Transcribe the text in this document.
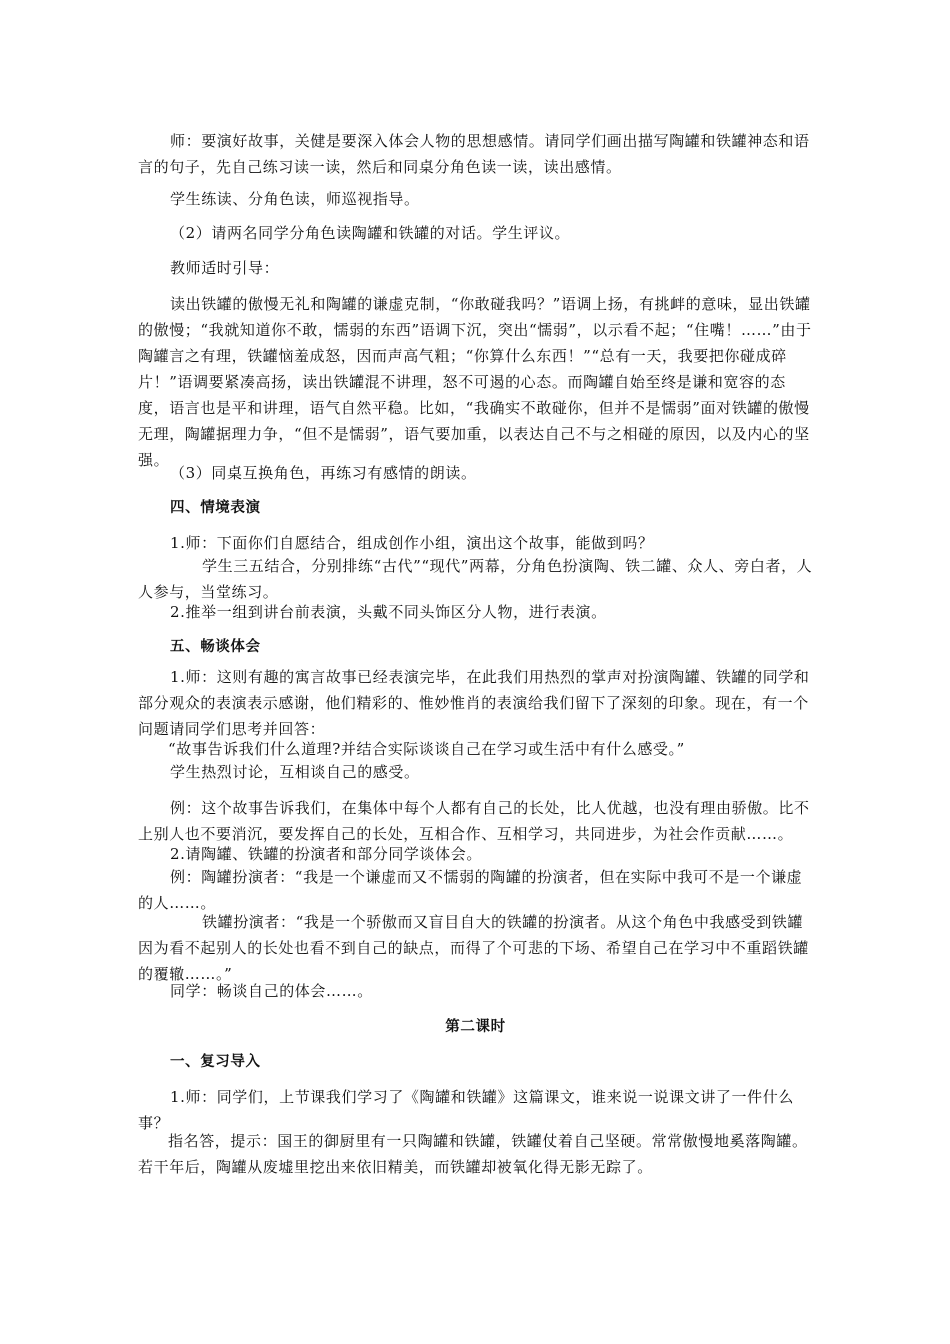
师：要演好故事，关健是要深入体会人物的思想感情。请同学们画出描写陶罐和铁罐神态和语言的句子，先自己练习读一读，然后和同桌分角色读一读，读出感情。

学生练读、分角色读，师巡视指导。

（2）请两名同学分角色读陶罐和铁罐的对话。学生评议。

教师适时引导：

读出铁罐的傲慢无礼和陶罐的谦虚克制，“你敢碰我吗？”语调上扬，有挑衅的意味，显出铁罐的傲慢；“我就知道你不敢，懦弱的东西”语调下沉，突出“懦弱”，以示看不起；“住嘴！……”由于陶罐言之有理，铁罐恼羞成怒，因而声高气粗；“你算什么东西！”“总有一天，我要把你碰成碎片！”语调要紧凑高扬，读出铁罐混不讲理，怒不可遏的心态。而陶罐自始至终是谦和宽容的态度，语言也是平和讲理，语气自然平稳。比如，“我确实不敢碰你，但并不是懦弱”面对铁罐的傲慢无理，陶罐据理力争，“但不是懦弱”，语气要加重，以表达自己不与之相碰的原因，以及内心的坚强。

（3）同桌互换角色，再练习有感情的朗读。

四、情境表演

1.师：下面你们自愿结合，组成创作小组，演出这个故事，能做到吗？

学生三五结合，分别排练“古代”“现代”两幕，分角色扮演陶、铁二罐、众人、旁白者，人人参与，当堂练习。

2.推举一组到讲台前表演，头戴不同头饰区分人物，进行表演。

五、畅谈体会

1.师：这则有趣的寓言故事已经表演完毕，在此我们用热烈的掌声对扮演陶罐、铁罐的同学和部分观众的表演表示感谢，他们精彩的、惟妙惟肖的表演给我们留下了深刻的印象。现在，有一个问题请同学们思考并回答：

“故事告诉我们什么道理?并结合实际谈谈自己在学习或生活中有什么感受。”

学生热烈讨论，互相谈自己的感受。

例：这个故事告诉我们，在集体中每个人都有自己的长处，比人优越，也没有理由骄傲。比不上别人也不要消沉，要发挥自己的长处，互相合作、互相学习，共同进步，为社会作贡献……。

2.请陶罐、铁罐的扮演者和部分同学谈体会。

例：陶罐扮演者：“我是一个谦虚而又不懦弱的陶罐的扮演者，但在实际中我可不是一个谦虚的人……。

铁罐扮演者：“我是一个骄傲而又盲目自大的铁罐的扮演者。从这个角色中我感受到铁罐因为看不起别人的长处也看不到自己的缺点，而得了个可悲的下场、希望自己在学习中不重蹈铁罐的覆辙……。”

同学：畅谈自己的体会……。

第二课时

一、复习导入

1.师：同学们，上节课我们学习了《陶罐和铁罐》这篇课文，谁来说一说课文讲了一件什么事？

指名答，提示：国王的御厨里有一只陶罐和铁罐，铁罐仗着自己坚硬。常常傲慢地奚落陶罐。若干年后，陶罐从废墟里挖出来依旧精美，而铁罐却被氧化得无影无踪了。
